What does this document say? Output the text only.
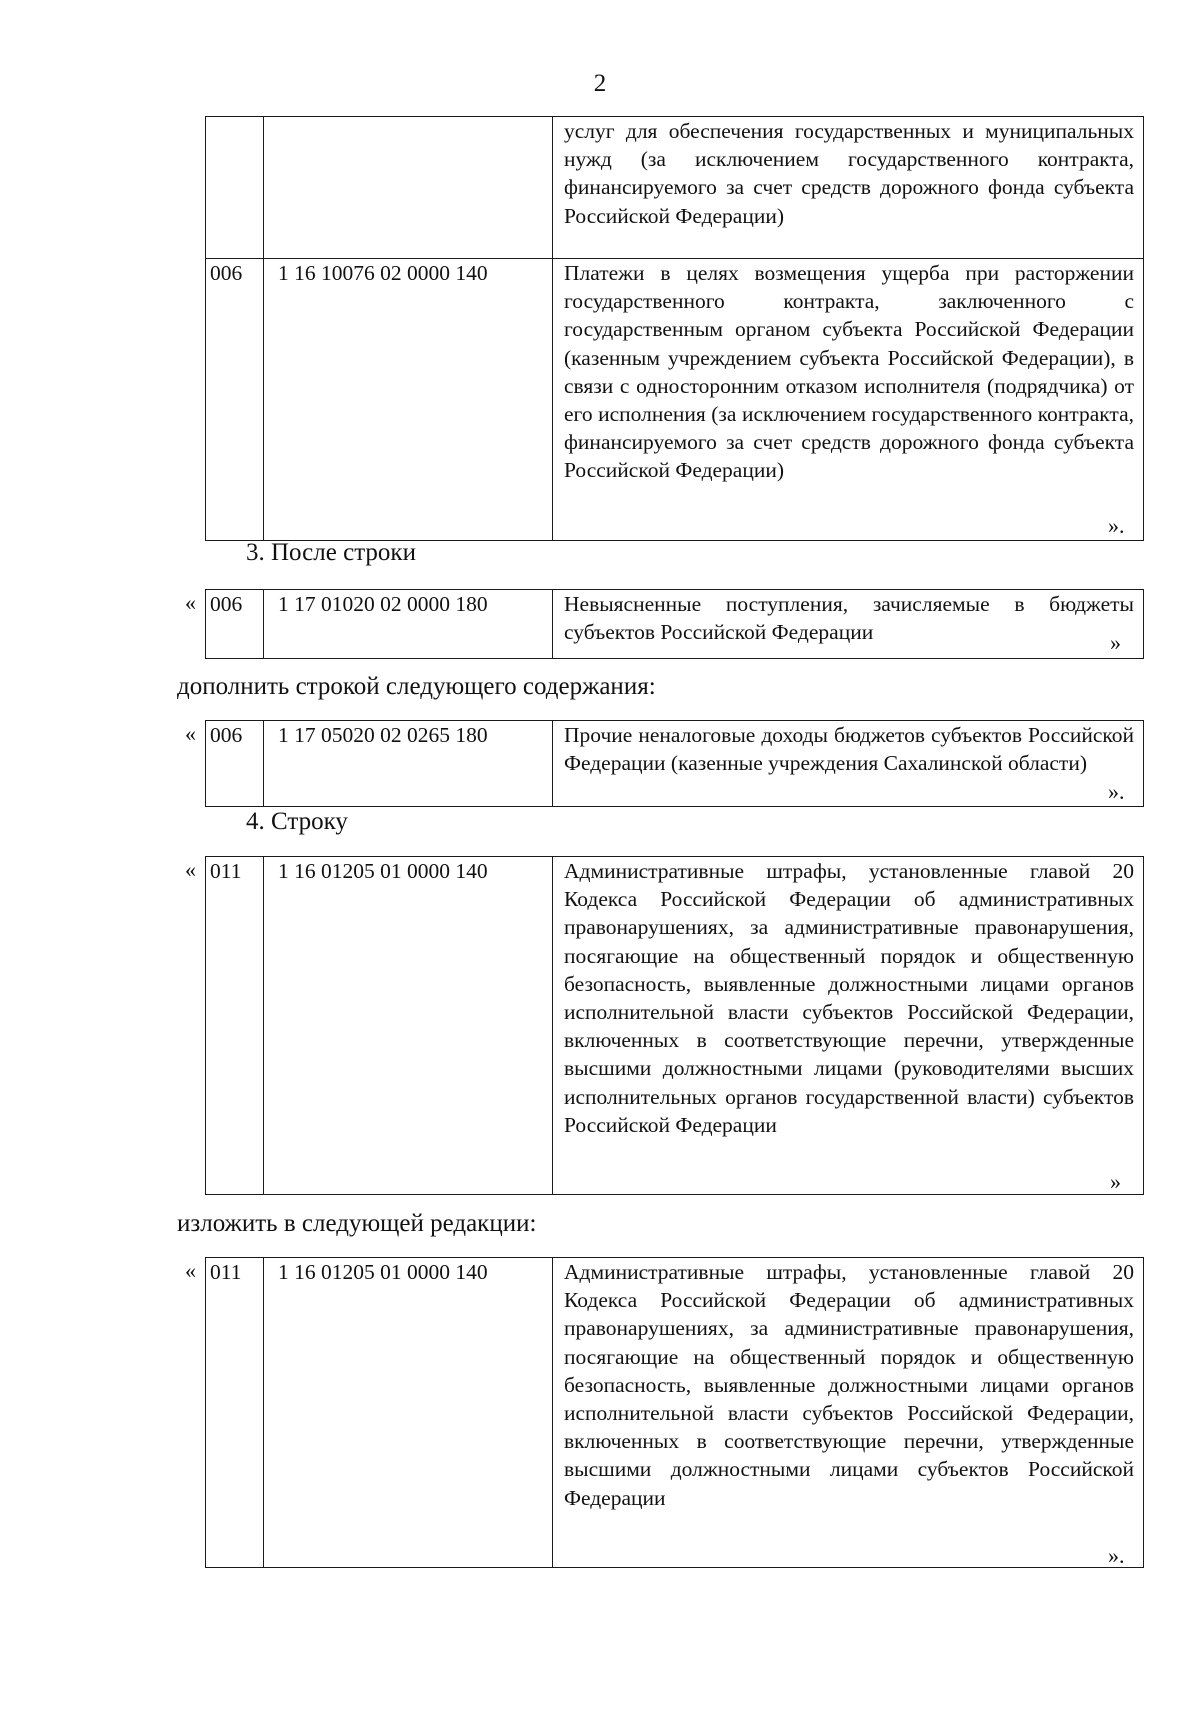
2
		услуг для обеспечения государственных и муниципальных нужд (за исключением государственного контракта, финансируемого за счет средств дорожного фонда субъекта Российской Федерации)
006	1 16 10076 02 0000 140	Платежи в целях возмещения ущерба при расторжении государственного контракта, заключенного с государственным органом субъекта Российской Федерации (казенным учреждением субъекта Российской Федерации), в связи с односторонним отказом исполнителя (подрядчика) от его исполнения (за исключением государственного контракта, финансируемого за счет средств дорожного фонда субъекта Российской Федерации)
».
3. После строки
« 006	1 17 01020 02 0000 180	Невыясненные поступления, зачисляемые в бюджеты субъектов Российской Федерации	»
дополнить строкой следующего содержания:
« 006	1 17 05020 02 0265 180	Прочие неналоговые доходы бюджетов субъектов Российской Федерации (казенные учреждения Сахалинской области)
».
4. Строку
« 011	1 16 01205 01 0000 140	Административные штрафы, установленные главой 20 Кодекса Российской Федерации об административных правонарушениях, за административные правонарушения, посягающие на общественный порядок и общественную безопасность, выявленные должностными лицами органов исполнительной власти субъектов Российской Федерации, включенных в соответствующие перечни, утвержденные высшими должностными лицами (руководителями высших исполнительных органов государственной власти) субъектов Российской Федерации
»
изложить в следующей редакции:
« 011	1 16 01205 01 0000 140	Административные штрафы, установленные главой 20 Кодекса Российской Федерации об административных правонарушениях, за административные правонарушения, посягающие на общественный порядок и общественную безопасность, выявленные должностными лицами органов исполнительной власти субъектов Российской Федерации, включенных в соответствующие перечни, утвержденные высшими должностными лицами субъектов Российской Федерации
».
